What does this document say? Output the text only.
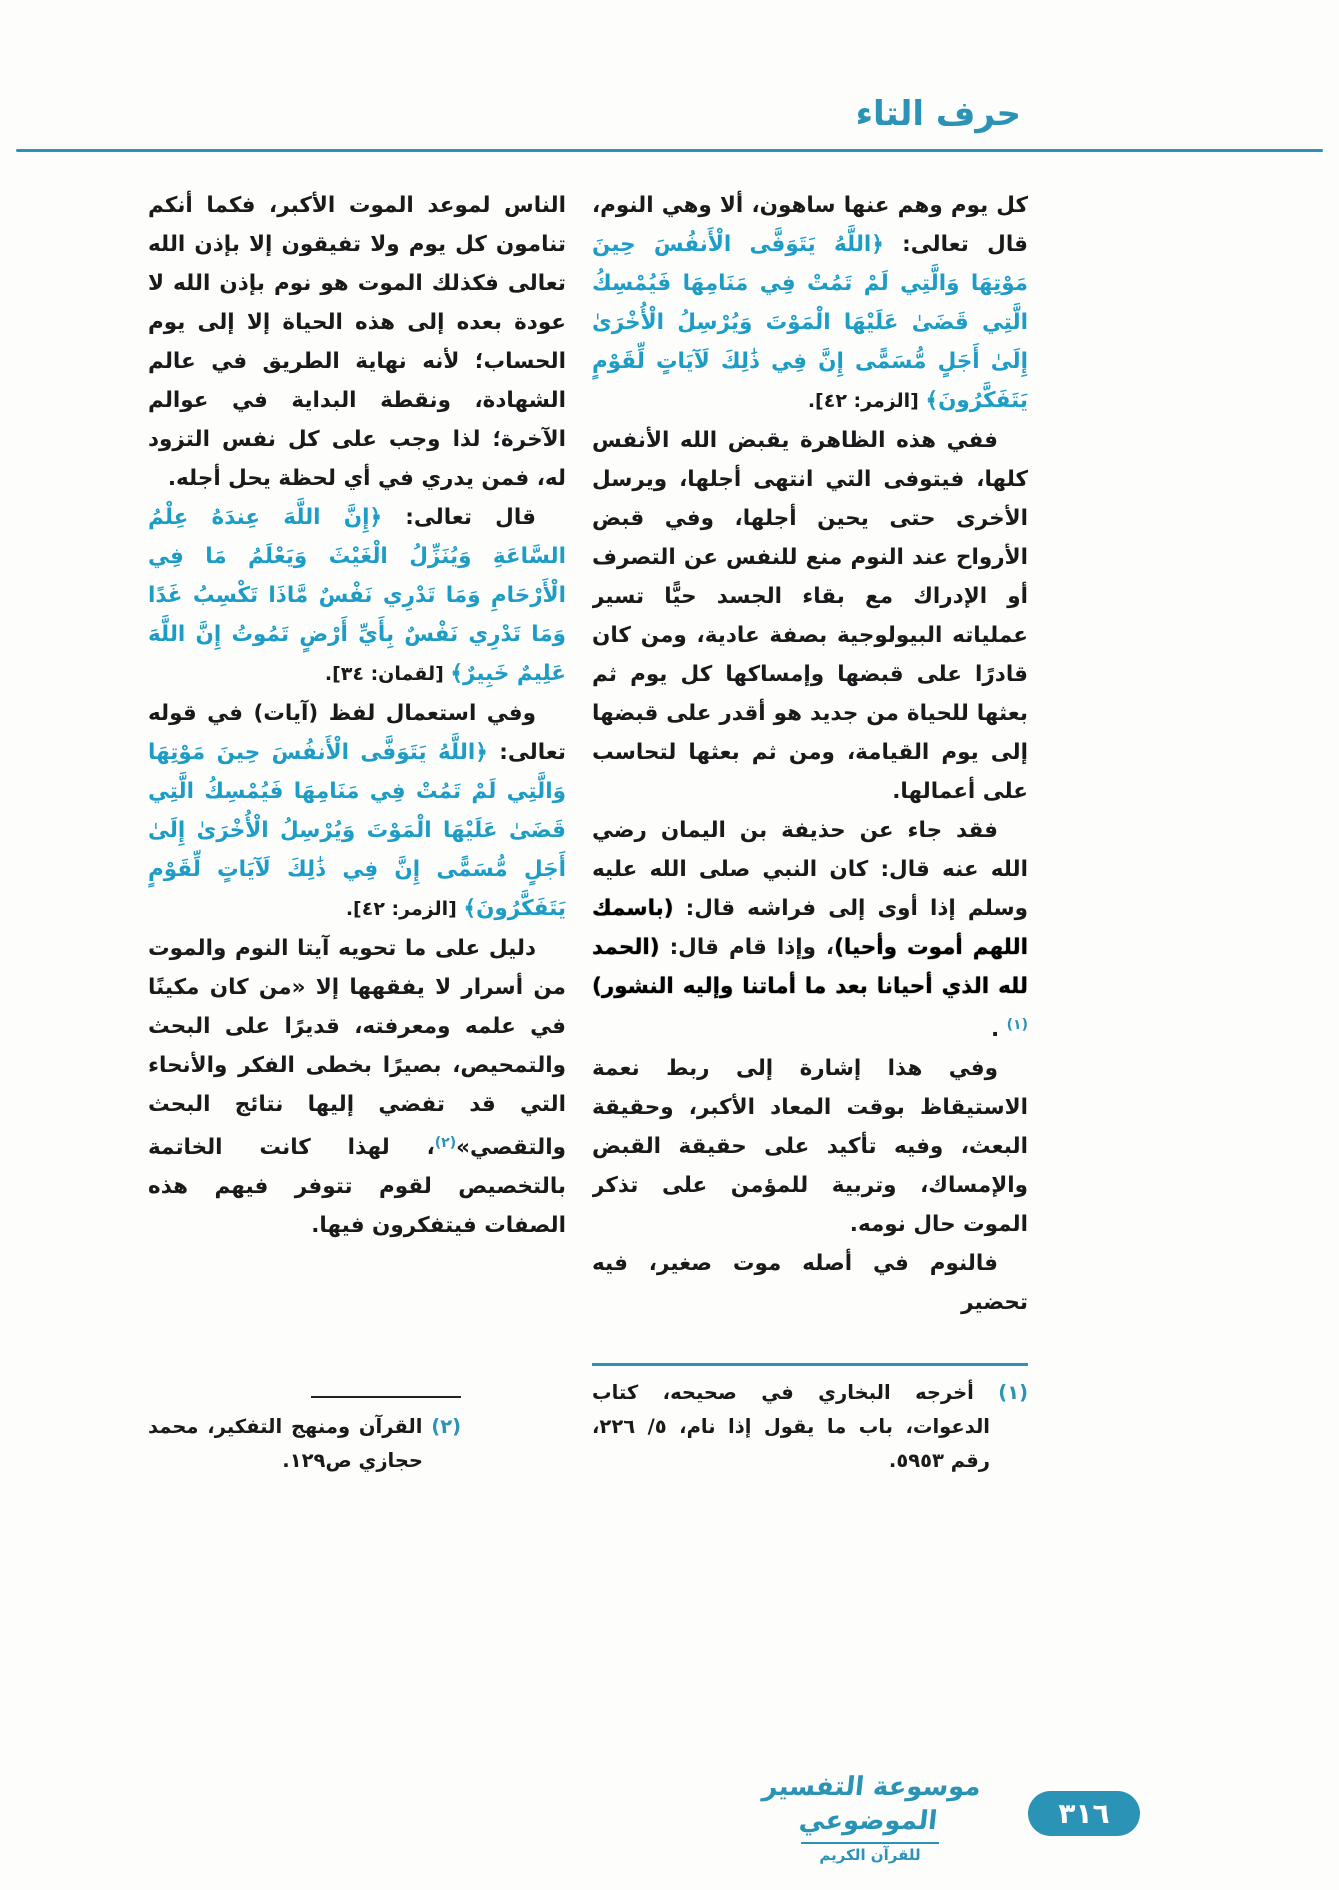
حرف التاء
كل يوم وهم عنها ساهون، ألا وهي النوم، قال تعالى: ﴿اللَّهُ يَتَوَفَّى الْأَنفُسَ حِينَ مَوْتِهَا وَالَّتِي لَمْ تَمُتْ فِي مَنَامِهَا فَيُمْسِكُ الَّتِي قَضَىٰ عَلَيْهَا الْمَوْتَ وَيُرْسِلُ الْأُخْرَىٰ إِلَىٰ أَجَلٍ مُّسَمًّى إِنَّ فِي ذَٰلِكَ لَآيَاتٍ لِّقَوْمٍ يَتَفَكَّرُونَ﴾ [الزمر: ٤٢].
ففي هذه الظاهرة يقبض الله الأنفس كلها، فيتوفى التي انتهى أجلها، ويرسل الأخرى حتى يحين أجلها، وفي قبض الأرواح عند النوم منع للنفس عن التصرف أو الإدراك مع بقاء الجسد حيًّا تسير عملياته البيولوجية بصفة عادية، ومن كان قادرًا على قبضها وإمساكها كل يوم ثم بعثها للحياة من جديد هو أقدر على قبضها إلى يوم القيامة، ومن ثم بعثها لتحاسب على أعمالها.
فقد جاء عن حذيفة بن اليمان رضي الله عنه قال: كان النبي صلى الله عليه وسلم إذا أوى إلى فراشه قال: (باسمك اللهم أموت وأحيا)، وإذا قام قال: (الحمد لله الذي أحيانا بعد ما أماتنا وإليه النشور)$^{(١)}$ .
وفي هذا إشارة إلى ربط نعمة الاستيقاظ بوقت المعاد الأكبر، وحقيقة البعث، وفيه تأكيد على حقيقة القبض والإمساك، وتربية للمؤمن على تذكر الموت حال نومه.
فالنوم في أصله موت صغير، فيه تحضير
(١) أخرجه البخاري في صحيحه، كتاب الدعوات، باب ما يقول إذا نام، ٥/ ٢٢٦، رقم ٥٩٥٣.
الناس لموعد الموت الأكبر، فكما أنكم تنامون كل يوم ولا تفيقون إلا بإذن الله تعالى فكذلك الموت هو نوم بإذن الله لا عودة بعده إلى هذه الحياة إلا إلى يوم الحساب؛ لأنه نهاية الطريق في عالم الشهادة، ونقطة البداية في عوالم الآخرة؛ لذا وجب على كل نفس التزود له، فمن يدري في أي لحظة يحل أجله.
قال تعالى: ﴿إِنَّ اللَّهَ عِندَهُ عِلْمُ السَّاعَةِ وَيُنَزِّلُ الْغَيْثَ وَيَعْلَمُ مَا فِي الْأَرْحَامِ وَمَا تَدْرِي نَفْسٌ مَّاذَا تَكْسِبُ غَدًا وَمَا تَدْرِي نَفْسٌ بِأَيِّ أَرْضٍ تَمُوتُ إِنَّ اللَّهَ عَلِيمٌ خَبِيرٌ﴾ [لقمان: ٣٤].
وفي استعمال لفظ (آيات) في قوله تعالى: ﴿اللَّهُ يَتَوَفَّى الْأَنفُسَ حِينَ مَوْتِهَا وَالَّتِي لَمْ تَمُتْ فِي مَنَامِهَا فَيُمْسِكُ الَّتِي قَضَىٰ عَلَيْهَا الْمَوْتَ وَيُرْسِلُ الْأُخْرَىٰ إِلَىٰ أَجَلٍ مُّسَمًّى إِنَّ فِي ذَٰلِكَ لَآيَاتٍ لِّقَوْمٍ يَتَفَكَّرُونَ﴾ [الزمر: ٤٢].
دليل على ما تحويه آيتا النوم والموت من أسرار لا يفقهها إلا «من كان مكينًا في علمه ومعرفته، قديرًا على البحث والتمحيص، بصيرًا بخطى الفكر والأنحاء التي قد تفضي إليها نتائج البحث والتقصي»$^{(٢)}$، لهذا كانت الخاتمة بالتخصيص لقوم تتوفر فيهم هذه الصفات فيتفكرون فيها.
(٢) القرآن ومنهج التفكير، محمد حجازي ص١٢٩.
موسوعة التفسير الموضوعي
للقرآن الكريم
٣١٦
